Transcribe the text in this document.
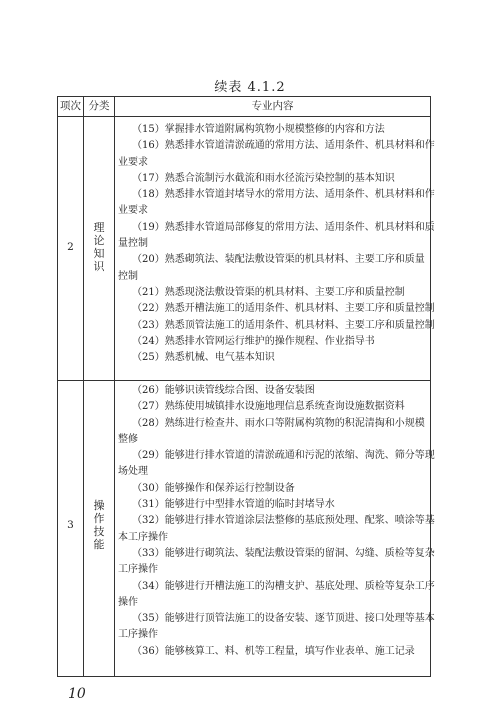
续表 4.1.2
项次 分类	专业内容
2
理
论
知
识
（15）掌握排水管道附属构筑物小规模整修的内容和方法
（16）熟悉排水管道清淤疏通的常用方法、适用条件、机具材料和作
业要求
（17）熟悉合流制污水截流和雨水径流污染控制的基本知识
（18）熟悉排水管道封堵导水的常用方法、适用条件、机具材料和作
业要求
（19）熟悉排水管道局部修复的常用方法、适用条件、机具材料和质
量控制
（20）熟悉砌筑法、装配法敷设管渠的机具材料、主要工序和质量
控制
（21）熟悉现浇法敷设管渠的机具材料、主要工序和质量控制
（22）熟悉开槽法施工的适用条件、机具材料、主要工序和质量控制
（23）熟悉顶管法施工的适用条件、机具材料、主要工序和质量控制
（24）熟悉排水管网运行维护的操作规程、作业指导书
（25）熟悉机械、电气基本知识
3
操
作
技
能
（26）能够识读管线综合图、设备安装图
（27）熟练使用城镇排水设施地理信息系统查询设施数据资料
（28）熟练进行检查井、雨水口等附属构筑物的积泥清掏和小规模
整修
（29）能够进行排水管道的清淤疏通和污泥的浓缩、淘洗、筛分等现
场处理
（30）能够操作和保养运行控制设备
（31）能够进行中型排水管道的临时封堵导水
（32）能够进行排水管道涂层法整修的基底预处理、配浆、喷涂等基
本工序操作
（33）能够进行砌筑法、装配法敷设管渠的留洞、勾缝、质检等复杂
工序操作
（34）能够进行开槽法施工的沟槽支护、基底处理、质检等复杂工序
操作
（35）能够进行顶管法施工的设备安装、逐节顶进、接口处理等基本
工序操作
（36）能够核算工、料、机等工程量，填写作业表单、施工记录
10
